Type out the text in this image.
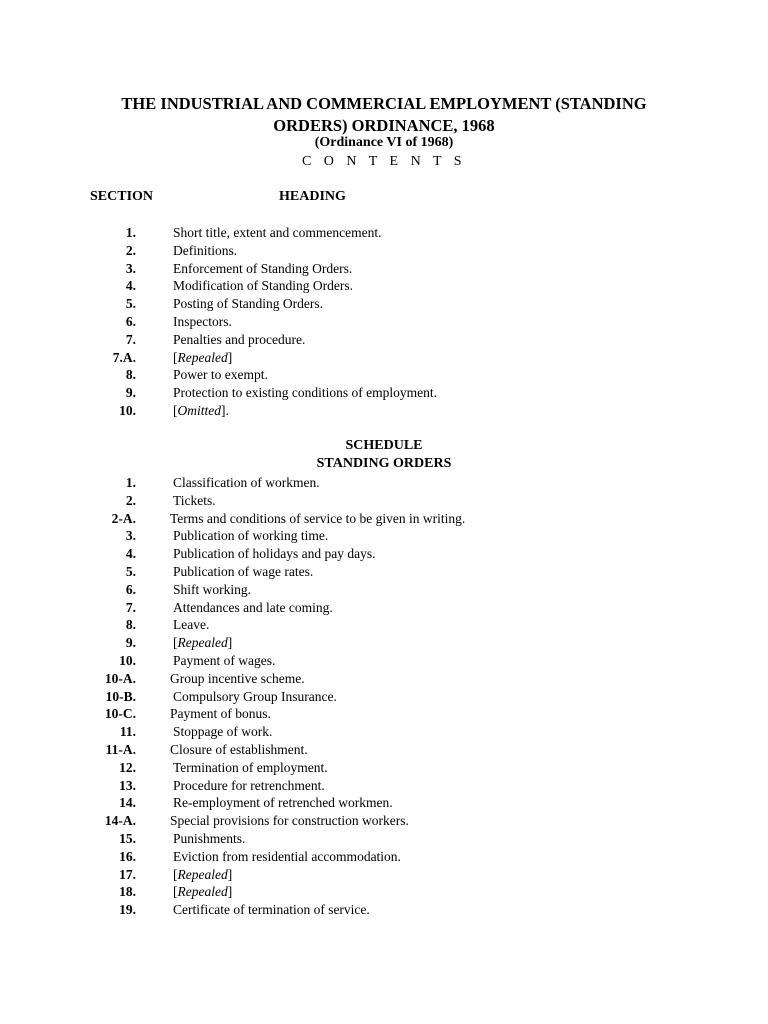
THE INDUSTRIAL AND COMMERCIAL EMPLOYMENT (STANDING
ORDERS) ORDINANCE, 1968
(Ordinance VI of 1968)
C O N T E N T S
SECTION	HEADING
1.	Short title, extent and commencement.
2.	Definitions.
3.	Enforcement of Standing Orders.
4.	Modification of Standing Orders.
5.	Posting of Standing Orders.
6.	Inspectors.
7.	Penalties and procedure.
7.A.	[Repealed]
8.	Power to exempt.
9.	Protection to existing conditions of employment.
10.	[Omitted].
SCHEDULE
STANDING ORDERS
1.	Classification of workmen.
2.	Tickets.
2-A.	Terms and conditions of service to be given in writing.
3.	Publication of working time.
4.	Publication of holidays and pay days.
5.	Publication of wage rates.
6.	Shift working.
7.	Attendances and late coming.
8.	Leave.
9.	[Repealed]
10.	Payment of wages.
10-A.	Group incentive scheme.
10-B.	Compulsory Group Insurance.
10-C.	Payment of bonus.
11.	Stoppage of work.
11-A.	Closure of establishment.
12.	Termination of employment.
13.	Procedure for retrenchment.
14.	Re-employment of retrenched workmen.
14-A.	Special provisions for construction workers.
15.	Punishments.
16.	Eviction from residential accommodation.
17.	[Repealed]
18.	[Repealed]
19.	Certificate of termination of service.
